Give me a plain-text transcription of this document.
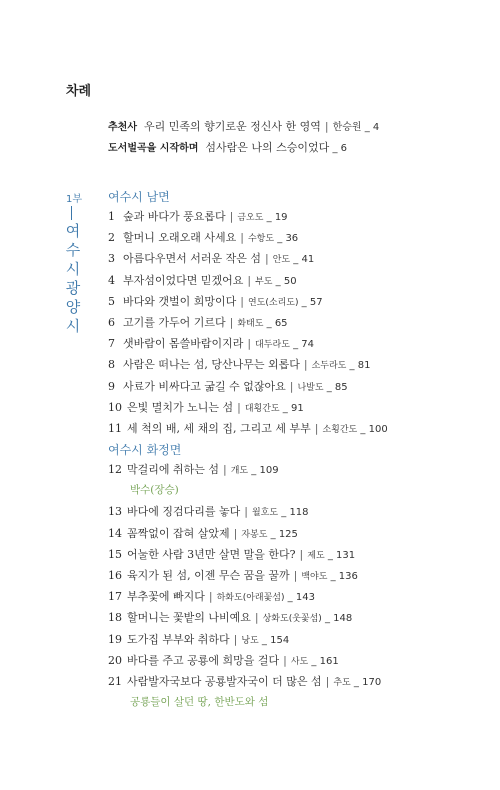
차례
추천사 우리 민족의 향기로운 정신사 한 영역 | 한승원 _ 4
도서벌곡을 시작하며 섬사람은 나의 스승이었다 _ 6
1부
여
수
시
광
양
시
여수시 남면
1 숲과 바다가 풍요롭다 | 금오도 _ 19
2 할머니 오래오래 사세요 | 수항도 _ 36
3 아름다우면서 서러운 작은 섬 | 안도 _ 41
4 부자섬이었다면 믿겠어요 | 부도 _ 50
5 바다와 갯벌이 희망이다 | 연도(소리도) _ 57
6 고기를 가두어 기르다 | 화태도 _ 65
7 샛바람이 몸쓸바람이지라 | 대두라도 _ 74
8 사람은 떠나는 섬, 당산나무는 외롭다 | 소두라도 _ 81
9 사료가 비싸다고 굶길 수 없잖아요 | 나발도 _ 85
10 은빛 멸치가 노니는 섬 | 대횡간도 _ 91
11 세 척의 배, 세 채의 집, 그리고 세 부부 | 소횡간도 _ 100
여수시 화정면
12 막걸리에 취하는 섬 | 개도 _ 109
박수(장승)
13 바다에 징검다리를 놓다 | 월호도 _ 118
14 꼼짝없이 잡혀 살았제 | 자봉도 _ 125
15 어눌한 사람 3년만 살면 말을 한다? | 제도 _ 131
16 육지가 된 섬, 이젠 무슨 꿈을 꿀까 | 백야도 _ 136
17 부추꽃에 빠지다 | 하화도(아래꽃섬) _ 143
18 할머니는 꽃밭의 나비예요 | 상화도(웃꽃섬) _ 148
19 도가집 부부와 취하다 | 낭도 _ 154
20 바다를 주고 공룡에 희망을 걸다 | 사도 _ 161
21 사람발자국보다 공룡발자국이 더 많은 섬 | 추도 _ 170
공룡들이 살던 땅, 한반도와 섬
